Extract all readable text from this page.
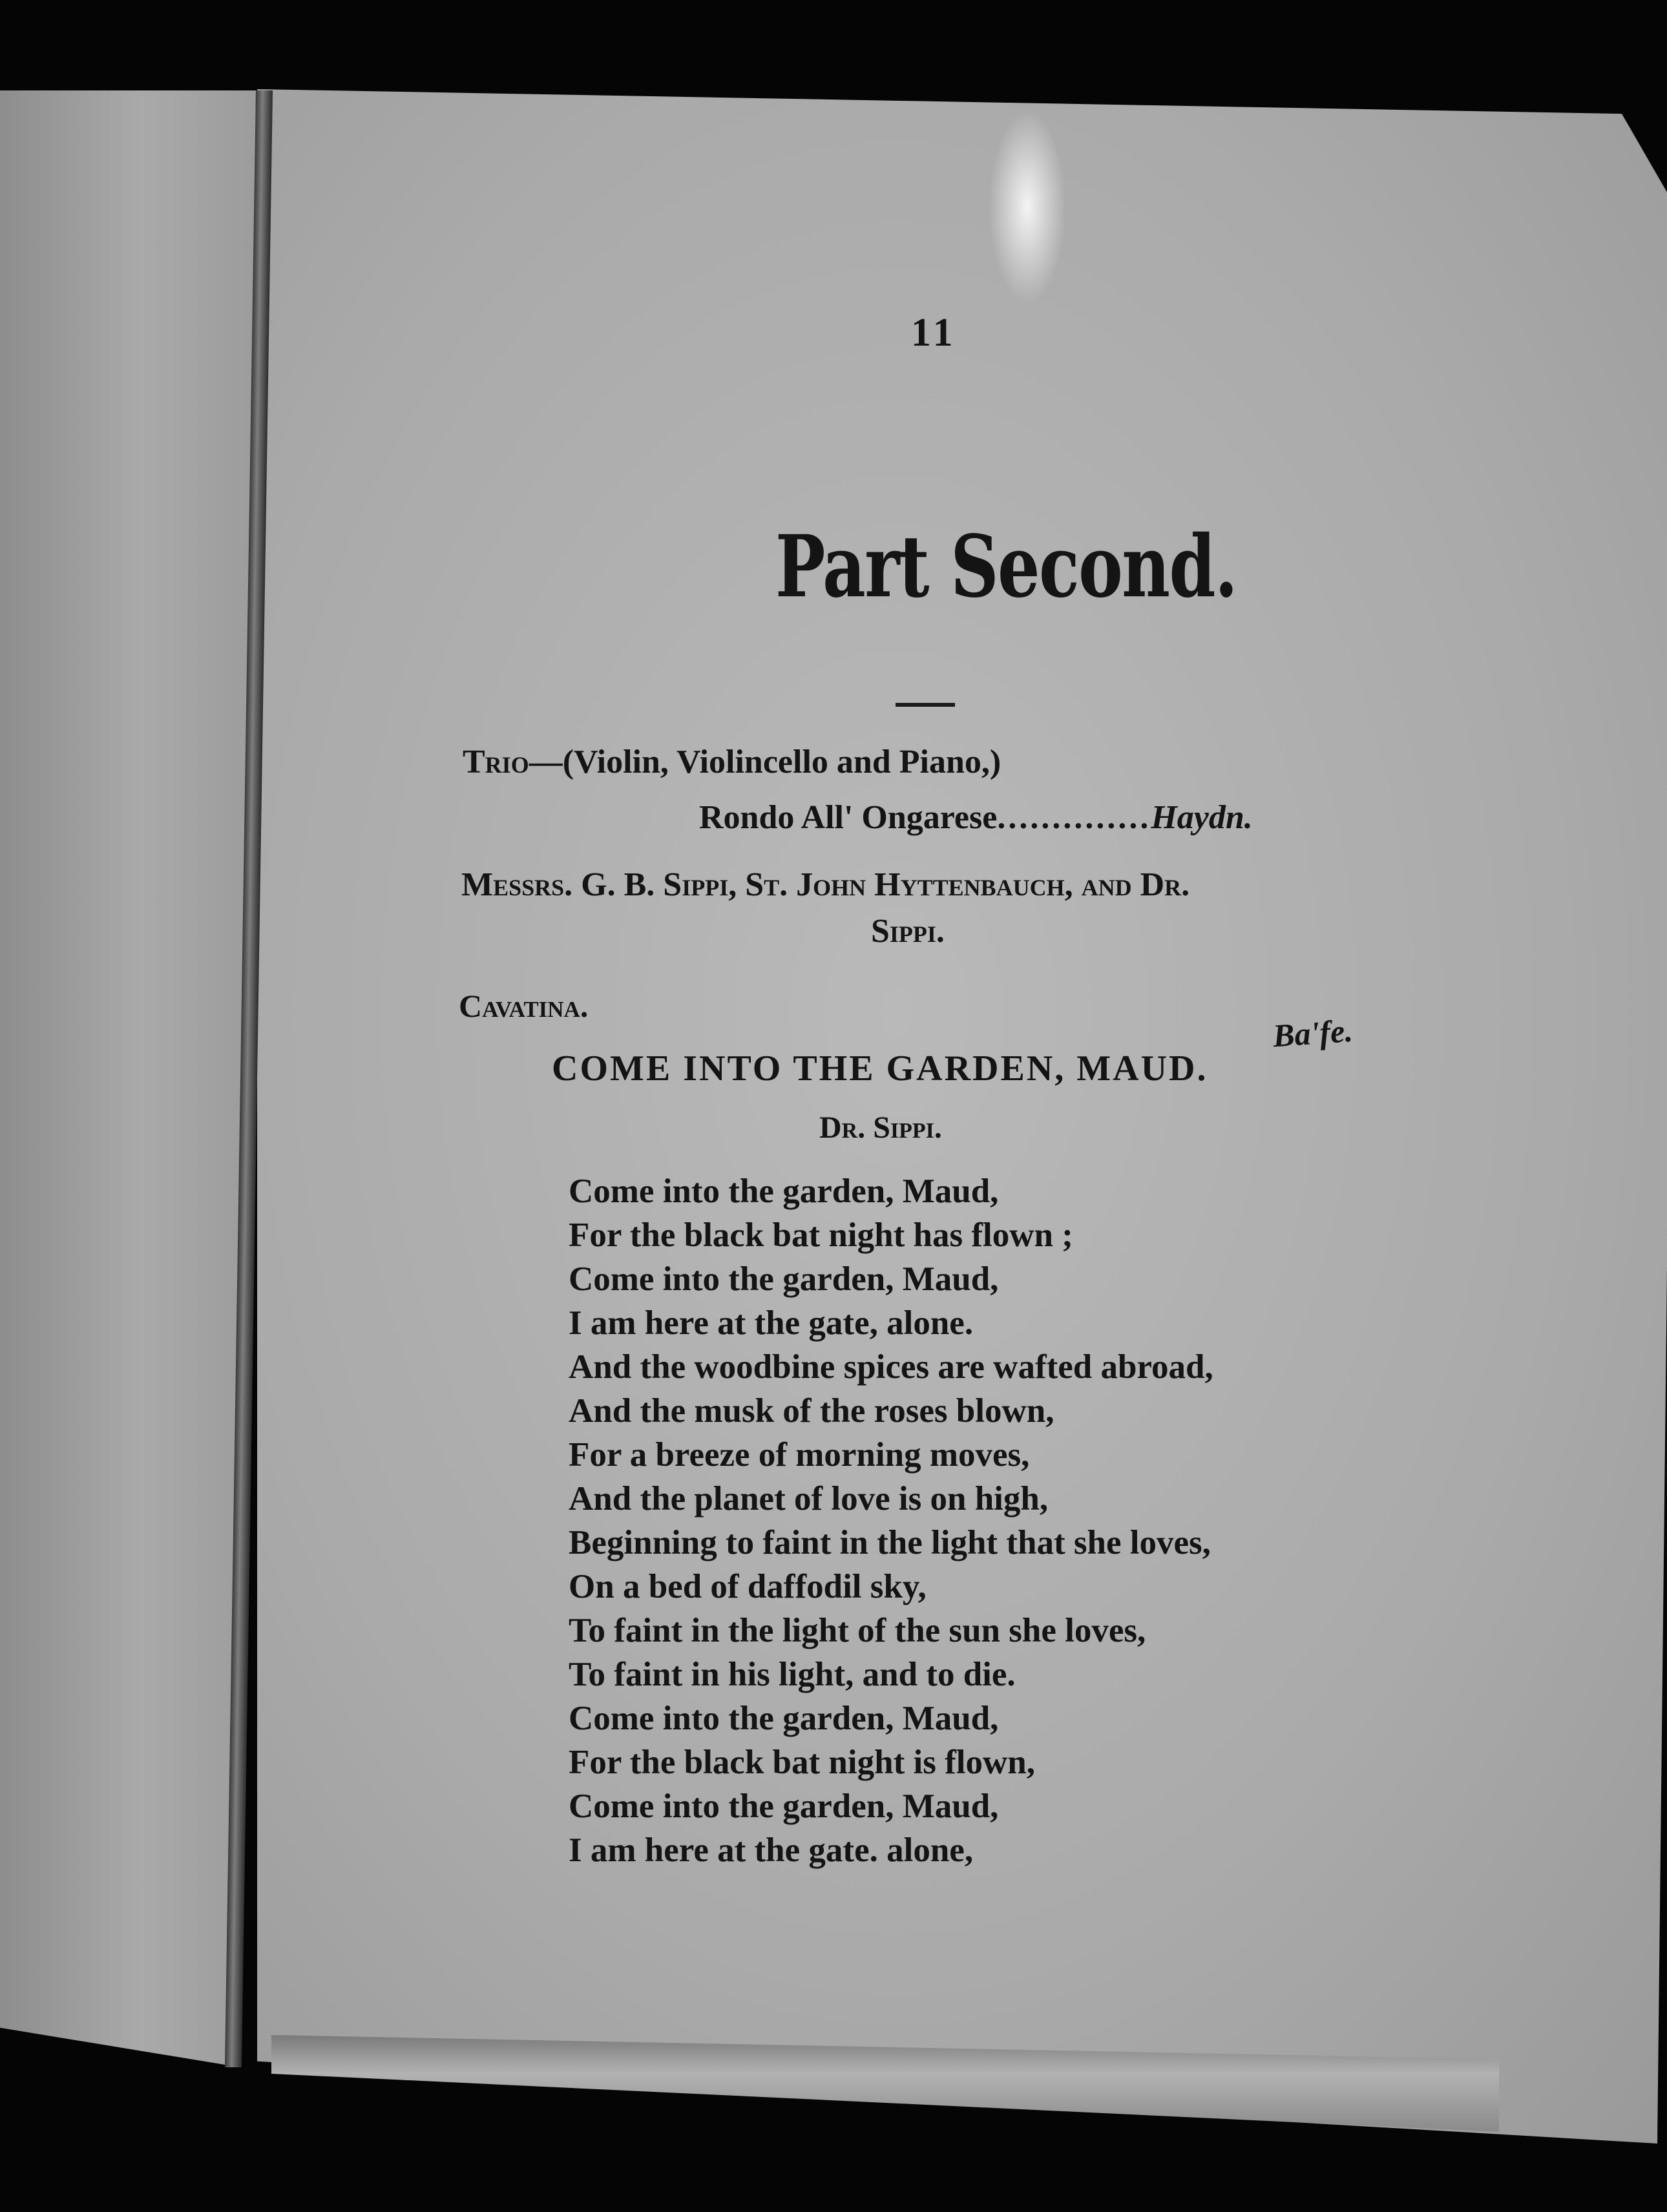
11
Part Second.
Trio—(Violin, Violincello and Piano,)
Rondo All' Ongarese..............Haydn.
Messrs. G. B. Sippi, St. John Hyttenbauch, and Dr.
Sippi.
Cavatina.
Ba'fe.
COME INTO THE GARDEN, MAUD.
Dr. Sippi.
Come into the garden, Maud,
For the black bat night has flown ;
Come into the garden, Maud,
I am here at the gate, alone.
And the woodbine spices are wafted abroad,
And the musk of the roses blown,
For a breeze of morning moves,
And the planet of love is on high,
Beginning to faint in the light that she loves,
On a bed of daffodil sky,
To faint in the light of the sun she loves,
To faint in his light, and to die.
Come into the garden, Maud,
For the black bat night is flown,
Come into the garden, Maud,
I am here at the gate. alone,
